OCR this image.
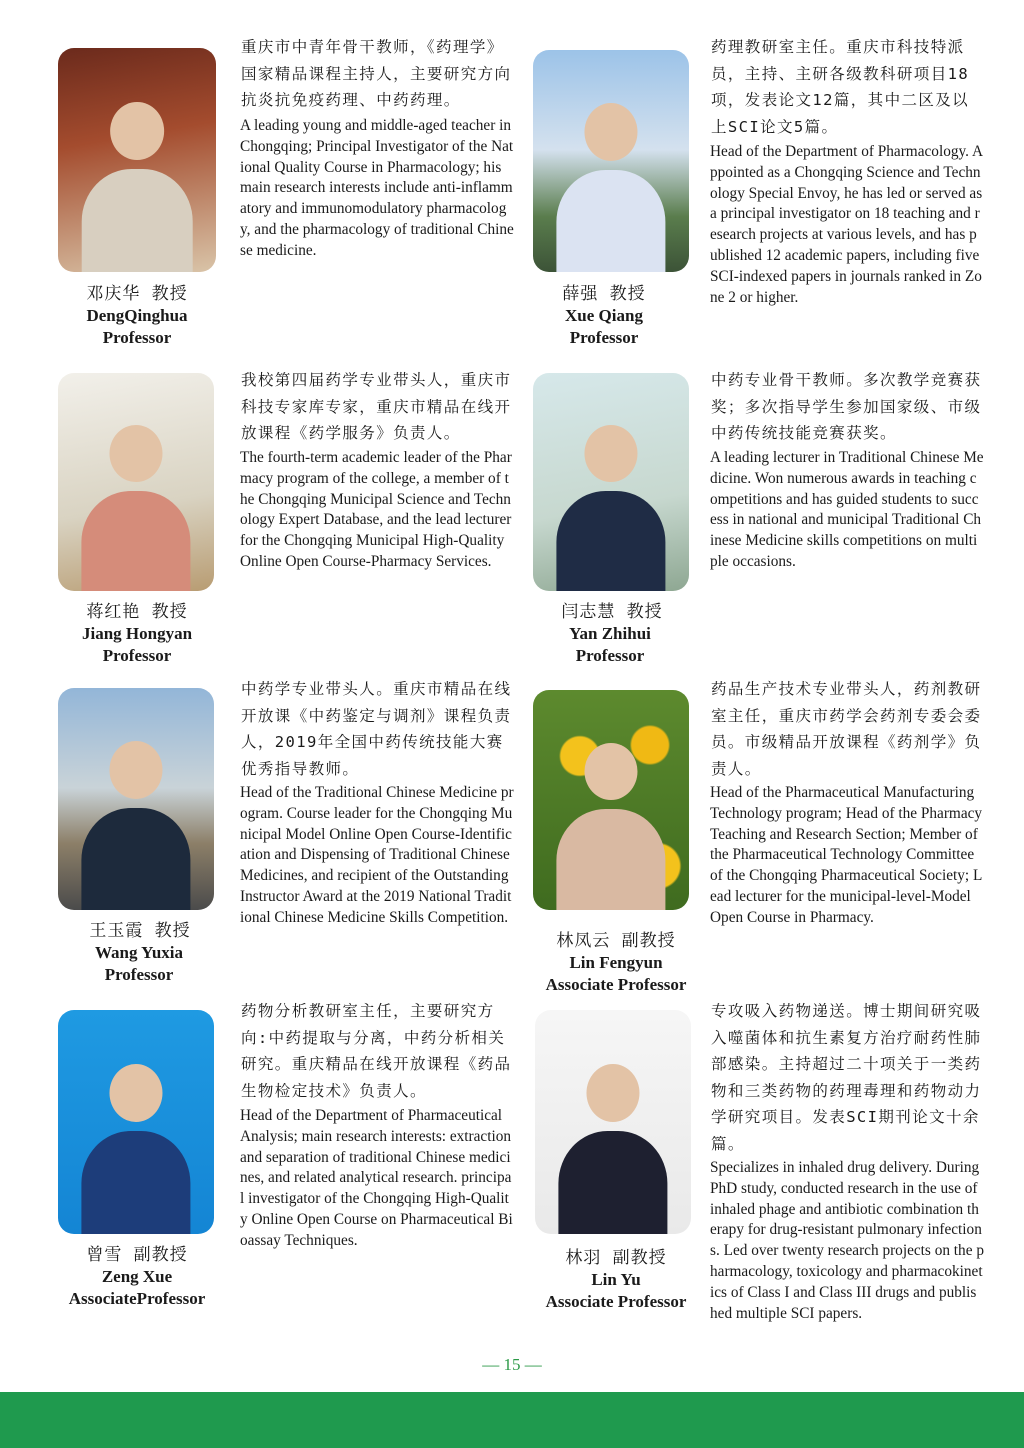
邓庆华 教授
DengQinghua
Professor
重庆市中青年骨干教师，《药理学》国家精品课程主持人，主要研究方向抗炎抗免疫药理、中药药理。
A leading young and middle-aged teacher in Chongqing; Principal Investigator of the National Quality Course in Pharmacology; his main research interests include anti-inflammatory and immunomodulatory pharmacology, and the pharmacology of traditional Chinese medicine.
薛强 教授
Xue Qiang
Professor
药理教研室主任。重庆市科技特派员，主持、主研各级教科研项目18项，发表论文12篇，其中二区及以上SCI论文5篇。
Head of the Department of Pharmacology. Appointed as a Chongqing Science and Technology Special Envoy, he has led or served as a principal investigator on 18 teaching and research projects at various levels, and has published 12 academic papers, including five SCI-indexed papers in journals ranked in Zone 2 or higher.
蒋红艳 教授
Jiang Hongyan
Professor
我校第四届药学专业带头人，重庆市科技专家库专家，重庆市精品在线开放课程《药学服务》负责人。
The fourth-term academic leader of the Pharmacy program of the college, a member of the Chongqing Municipal Science and Technology Expert Database, and the lead lecturer for the Chongqing Municipal High-Quality Online Open Course-Pharmacy Services.
闫志慧 教授
Yan Zhihui
Professor
中药专业骨干教师。多次教学竞赛获奖；多次指导学生参加国家级、市级中药传统技能竞赛获奖。
A leading lecturer in Traditional Chinese Medicine. Won numerous awards in teaching competitions and has guided students to success in national and municipal Traditional Chinese Medicine skills competitions on multiple occasions.
王玉霞 教授
Wang Yuxia
Professor
中药学专业带头人。重庆市精品在线开放课《中药鉴定与调剂》课程负责人，2019年全国中药传统技能大赛优秀指导教师。
Head of the Traditional Chinese Medicine program. Course leader for the Chongqing Municipal Model Online Open Course-Identification and Dispensing of Traditional Chinese Medicines, and recipient of the Outstanding Instructor Award at the 2019 National Traditional Chinese Medicine Skills Competition.
林凤云 副教授
Lin Fengyun
Associate Professor
药品生产技术专业带头人，药剂教研室主任，重庆市药学会药剂专委会委员。市级精品开放课程《药剂学》负责人。
Head of the Pharmaceutical Manufacturing Technology program; Head of the Pharmacy Teaching and Research Section; Member of the Pharmaceutical Technology Committee of the Chongqing Pharmaceutical Society; Lead lecturer for the municipal-level-Model Open Course in Pharmacy.
曾雪 副教授
Zeng Xue
AssociateProfessor
药物分析教研室主任，主要研究方向:中药提取与分离，中药分析相关研究。重庆精品在线开放课程《药品生物检定技术》负责人。
Head of the Department of Pharmaceutical Analysis; main research interests: extraction and separation of traditional Chinese medicines, and related analytical research. principal investigator of the Chongqing High-Quality Online Open Course on Pharmaceutical Bioassay Techniques.
林羽 副教授
Lin Yu
Associate Professor
专攻吸入药物递送。博士期间研究吸入噬菌体和抗生素复方治疗耐药性肺部感染。主持超过二十项关于一类药物和三类药物的药理毒理和药物动力学研究项目。发表SCI期刊论文十余篇。
Specializes in inhaled drug delivery. During PhD study, conducted research in the use of inhaled phage and antibiotic combination therapy for drug-resistant pulmonary infections. Led over twenty research projects on the pharmacology, toxicology and pharmacokinetics of Class I and Class III drugs and published multiple SCI papers.
— 15 —
